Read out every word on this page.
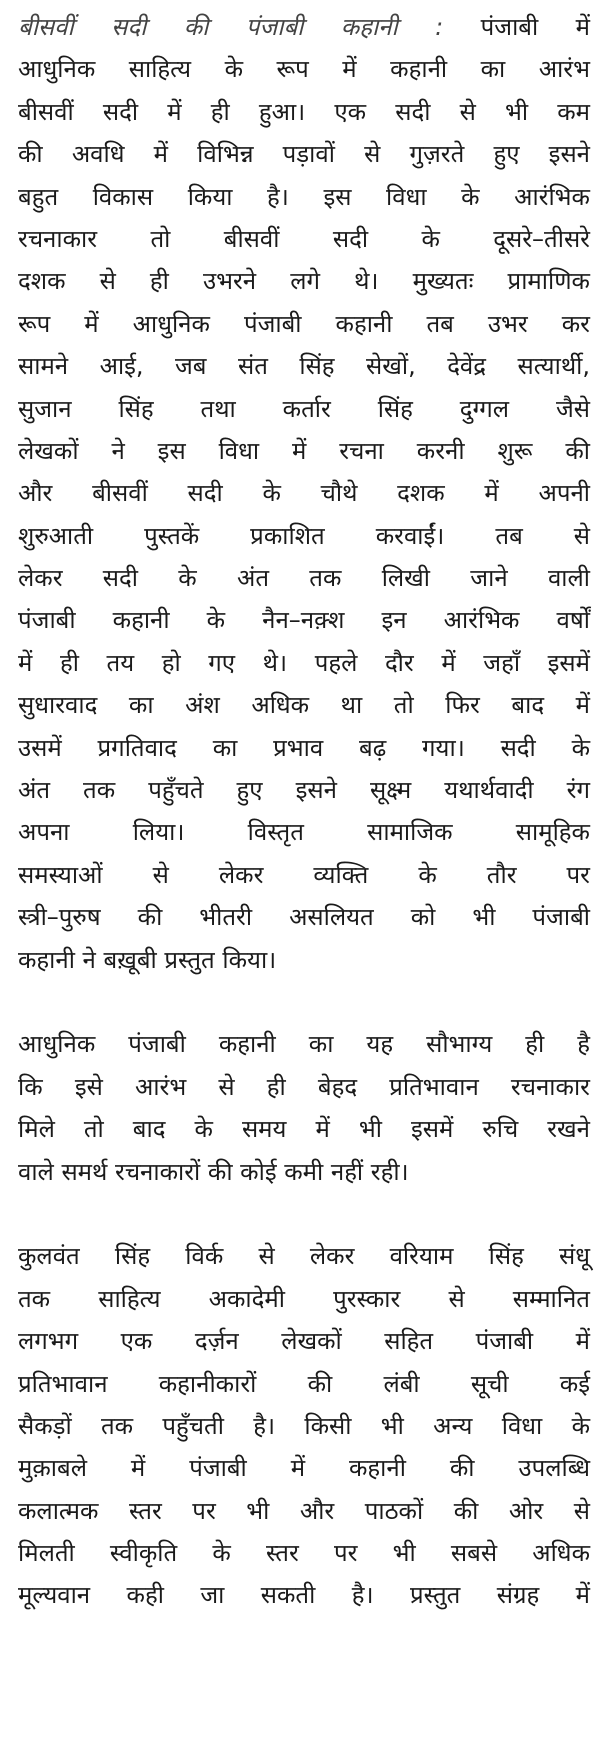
बीसवीं सदी की पंजाबी कहानी : पंजाबी में
आधुनिक साहित्य के रूप में कहानी का आरंभ
बीसवीं सदी में ही हुआ। एक सदी से भी कम
की अवधि में विभिन्न पड़ावों से गुज़रते हुए इसने
बहुत विकास किया है। इस विधा के आरंभिक
रचनाकार तो बीसवीं सदी के दूसरे–तीसरे
दशक से ही उभरने लगे थे। मुख्यतः प्रामाणिक
रूप में आधुनिक पंजाबी कहानी तब उभर कर
सामने आई, जब संत सिंह सेखों, देवेंद्र सत्यार्थी,
सुजान सिंह तथा कर्तार सिंह दुग्गल जैसे
लेखकों ने इस विधा में रचना करनी शुरू की
और बीसवीं सदी के चौथे दशक में अपनी
शुरुआती पुस्तकें प्रकाशित करवाईं। तब से
लेकर सदी के अंत तक लिखी जाने वाली
पंजाबी कहानी के नैन–नक़्श इन आरंभिक वर्षों
में ही तय हो गए थे। पहले दौर में जहाँ इसमें
सुधारवाद का अंश अधिक था तो फिर बाद में
उसमें प्रगतिवाद का प्रभाव बढ़ गया। सदी के
अंत तक पहुँचते हुए इसने सूक्ष्म यथार्थवादी रंग
अपना लिया। विस्तृत सामाजिक सामूहिक
समस्याओं से लेकर व्यक्ति के तौर पर
स्त्री–पुरुष की भीतरी असलियत को भी पंजाबी
कहानी ने बख़ूबी प्रस्तुत किया।
आधुनिक पंजाबी कहानी का यह सौभाग्य ही है
कि इसे आरंभ से ही बेहद प्रतिभावान रचनाकार
मिले तो बाद के समय में भी इसमें रुचि रखने
वाले समर्थ रचनाकारों की कोई कमी नहीं रही।
कुलवंत सिंह विर्क से लेकर वरियाम सिंह संधू
तक साहित्य अकादेमी पुरस्कार से सम्मानित
लगभग एक दर्ज़न लेखकों सहित पंजाबी में
प्रतिभावान कहानीकारों की लंबी सूची कई
सैकड़ों तक पहुँचती है। किसी भी अन्य विधा के
मुक़ाबले में पंजाबी में कहानी की उपलब्धि
कलात्मक स्तर पर भी और पाठकों की ओर से
मिलती स्वीकृति के स्तर पर भी सबसे अधिक
मूल्यवान कही जा सकती है। प्रस्तुत संग्रह में
